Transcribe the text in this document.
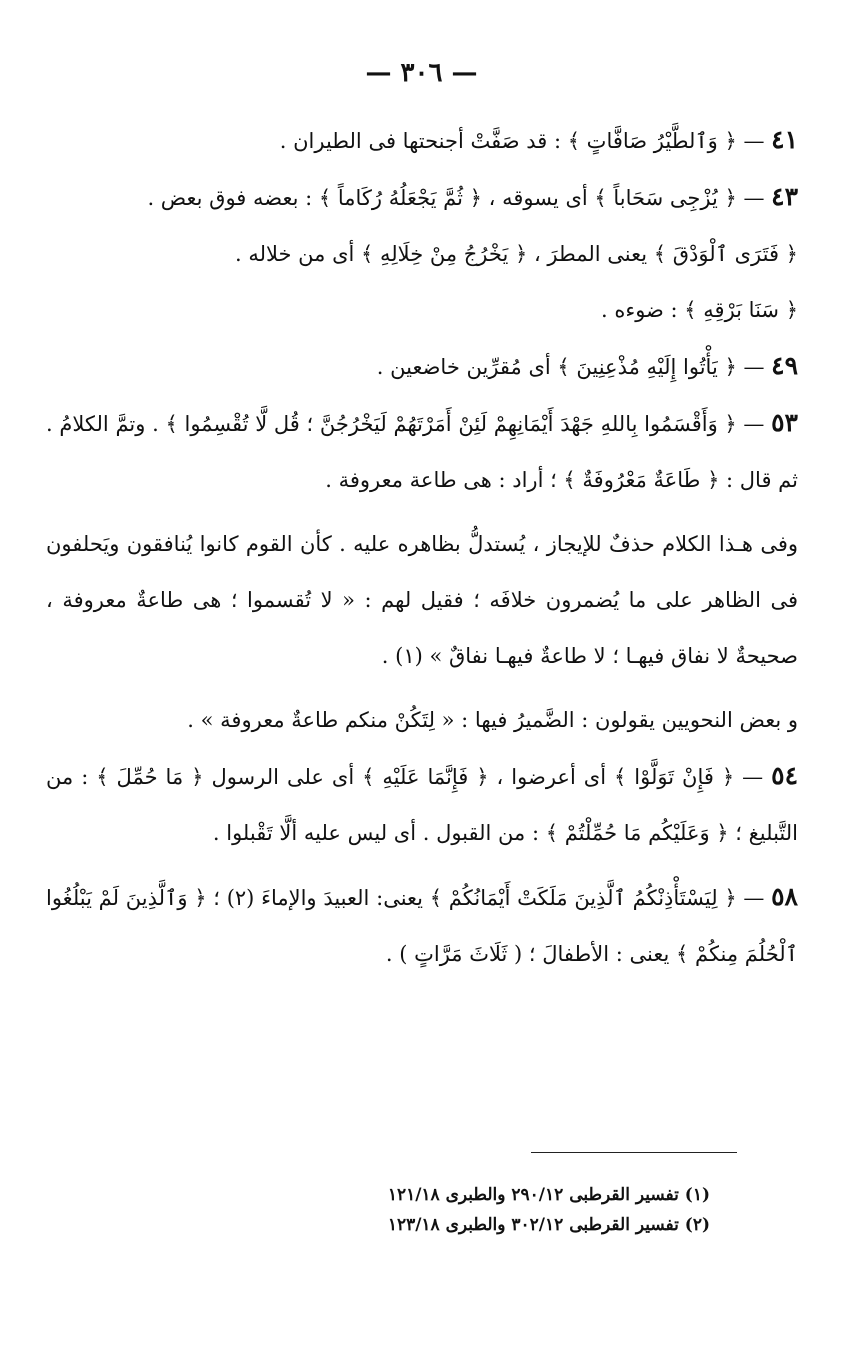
— ٣٠٦ —

٤١ — ﴿ وَٱلطَّيْرُ صَافَّاتٍ ﴾ : قد صَفَّتْ أجنحتها فى الطيران .

٤٣ — ﴿ يُزْجِى سَحَاباً ﴾ أى يسوقه ، ﴿ ثُمَّ يَجْعَلُهُ رُكَاماً ﴾ : بعضه فوق بعض .

﴿ فَتَرَى ٱلْوَدْقَ ﴾ يعنى المطرَ ، ﴿ يَخْرُجُ مِنْ خِلَالِهِ ﴾ أى من خلاله .

﴿ سَنَا بَرْقِهِ ﴾ : ضوءه .

٤٩ — ﴿ يَأْتُوا إِلَيْهِ مُذْعِنِينَ ﴾ أى مُقرِّين خاضعين .

٥٣ — ﴿ وَأَقْسَمُوا بِاللهِ جَهْدَ أَيْمَانِهِمْ لَئِنْ أَمَرْتَهُمْ لَيَخْرُجُنَّ ؛ قُل لَّا تُقْسِمُوا ﴾ . وتمَّ الكلامُ . ثم قال : ﴿ طَاعَةٌ مَعْرُوفَةٌ ﴾ ؛ أراد : هى طاعة معروفة .

وفى هـذا الكلام حذفٌ للإيجاز ، يُستدلُّ بظاهره عليه . كأن القوم كانوا يُنافقون ويَحلفون فى الظاهر على ما يُضمرون خلافَه ؛ فقيل لهم : « لا تُقسموا ؛ هى طاعةٌ معروفة ، صحيحةٌ لا نفاق فيهـا ؛ لا طاعةٌ فيهـا نفاقٌ » (١) .

و بعض النحويين يقولون : الضَّميرُ فيها : « لِتَكُنْ منكم طاعةٌ معروفة » .

٥٤ — ﴿ فَإِنْ تَوَلَّوْا ﴾ أى أعرضوا ، ﴿ فَإِنَّمَا عَلَيْهِ ﴾ أى على الرسول ﴿ مَا حُمِّلَ ﴾ : من التَّبليغ ؛ ﴿ وَعَلَيْكُم مَا حُمِّلْتُمْ ﴾ : من القبول . أى ليس عليه ألَّا تَقْبلوا .

٥٨ — ﴿ لِيَسْتَأْذِنْكُمُ ٱلَّذِينَ مَلَكَتْ أَيْمَانُكُمْ ﴾ يعنى: العبيدَ والإماءَ (٢) ؛ ﴿ وَٱلَّذِينَ لَمْ يَبْلُغُوا ٱلْحُلُمَ مِنكُمْ ﴾ يعنى : الأطفالَ ؛ ( ثَلَاثَ مَرَّاتٍ ) .

(١) تفسير القرطبى ٢٩٠/١٢ والطبرى ١٢١/١٨

(٢) تفسير القرطبى ٣٠٢/١٢ والطبرى ١٢٣/١٨
